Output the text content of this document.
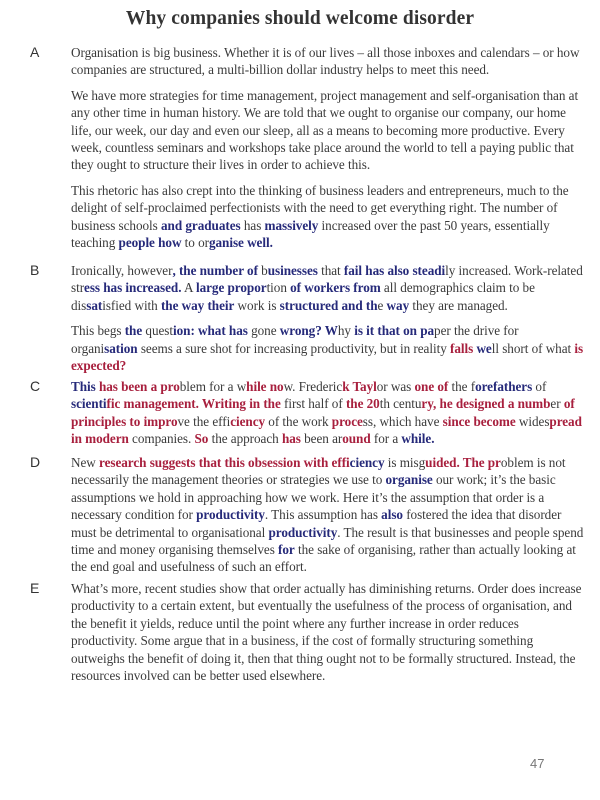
Why companies should welcome disorder
A	Organisation is big business. Whether it is of our lives – all those inboxes and calendars – or how companies are structured, a multi-billion dollar industry helps to meet this need.

We have more strategies for time management, project management and self-organisation than at any other time in human history. We are told that we ought to organise our company, our home life, our week, our day and even our sleep, all as a means to becoming more productive. Every week, countless seminars and workshops take place around the world to tell a paying public that they ought to structure their lives in order to achieve this.

This rhetoric has also crept into the thinking of business leaders and entrepreneurs, much to the delight of self-proclaimed perfectionists with the need to get everything right. The number of business schools and graduates has massively increased over the past 50 years, essentially teaching people how to organise well.

B	Ironically, however, the number of businesses that fail has also steadily increased. Work-related stress has increased. A large proportion of workers from all demographics claim to be dissatisfied with the way their work is structured and the way they are managed.

This begs the question: what has gone wrong? Why is it that on paper the drive for organisation seems a sure shot for increasing productivity, but in reality falls well short of what is expected?

C	This has been a problem for a while now. Frederick Taylor was one of the forefathers of scientific management. Writing in the first half of the 20th century, he designed a number of principles to improve the efficiency of the work process, which have since become widespread in modern companies. So the approach has been around for a while.

D	New research suggests that this obsession with efficiency is misguided. The problem is not necessarily the management theories or strategies we use to organise our work; it’s the basic assumptions we hold in approaching how we work. Here it’s the assumption that order is a necessary condition for productivity. This assumption has also fostered the idea that disorder must be detrimental to organisational productivity. The result is that businesses and people spend time and money organising themselves for the sake of organising, rather than actually looking at the end goal and usefulness of such an effort.

E	What’s more, recent studies show that order actually has diminishing returns. Order does increase productivity to a certain extent, but eventually the usefulness of the process of organisation, and the benefit it yields, reduce until the point where any further increase in order reduces productivity. Some argue that in a business, if the cost of formally structuring something outweighs the benefit of doing it, then that thing ought not to be formally structured. Instead, the resources involved can be better used elsewhere.

47
